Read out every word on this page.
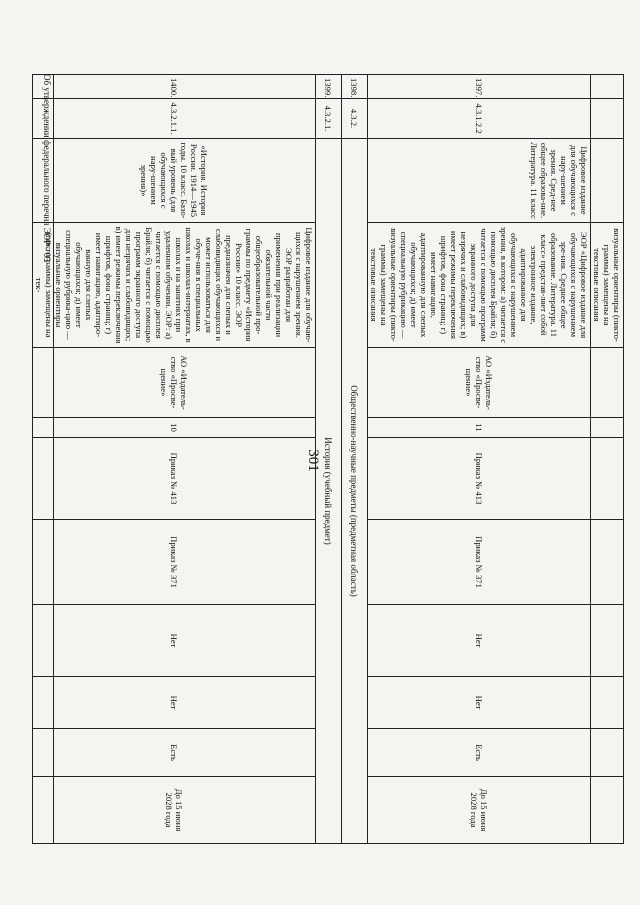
301
			визуальные ориентиры (пикто-граммы) замещены на текстовые описания								
1397.	4.3.1.2.2	Цифровое издание для обучающихся с нару-шением зрения. Сред-нее общее образова-ние. Литература. 11 класс	ЭОР «Цифровое издание для обучающихся с нарушением зре-ния. Среднее общее образование. Литература. 11 класс» представ-ляет собой электронное издание, адаптированное для обучающихся с нарушением зрения, в котором: а) читается с помощью дисплея Брайля; б) читается с помощью программ экранного доступа для незрячих и слабовидящих; в) имеет режимы переключения шрифтов, фона страниц; г) имеет навигацию, адаптированную для слепых обучающихся; д) имеет специальную рубрикацию — визуальные ориентиры (пикто-граммы) замещены на текстовые описания	АО «Издатель-ство «Просве-щение»	11	Приказ № 413	Приказ № 371	Нет	Нет	Есть	До 15 июня 2028 года
1398.	4.3.2.	Общественно-научные предметы (предметная область)									
1399.	4.3.2.1.	История (учебный предмет)									
1400.	4.3.2.1.1.	«История. История России. 1914—1945 годы. 10 класс. Базо-вый уровень (для обучающихся с нару-шением зрения)»	Цифровое издание для обучаю-щихся с нарушением зрения. ЭОР разработан для применения при реализации обязательной части общеобразовательной про-граммы по предмету «История России» 10 класс. ЭОР предназначен для слепых и слабовидящих обучающихся и может использоваться для обуче-ния в специальных школах и школах-интернатах, в школах и на занятиях при удаленном обучении. ЭОР: а) читается с помощью дисплея Брайля; б) читается с помощью программ экранного доступа для незрячих и слабовидящих; в) имеет режимы переключения шрифтов, фона страниц; г) имеет навигацию, адаптиро-ванную для слепых обучающихся; д) имеет специальную рубрика-цию — визуальные ориентиры (пиктограммы) замещены на тек-	АО «Издатель-ство «Просве-щение»	10	Приказ № 413	Приказ № 371	Нет	Нет	Есть	До 15 июня 2028 года
Об утверждении федерального перечня ЭОР - 03
